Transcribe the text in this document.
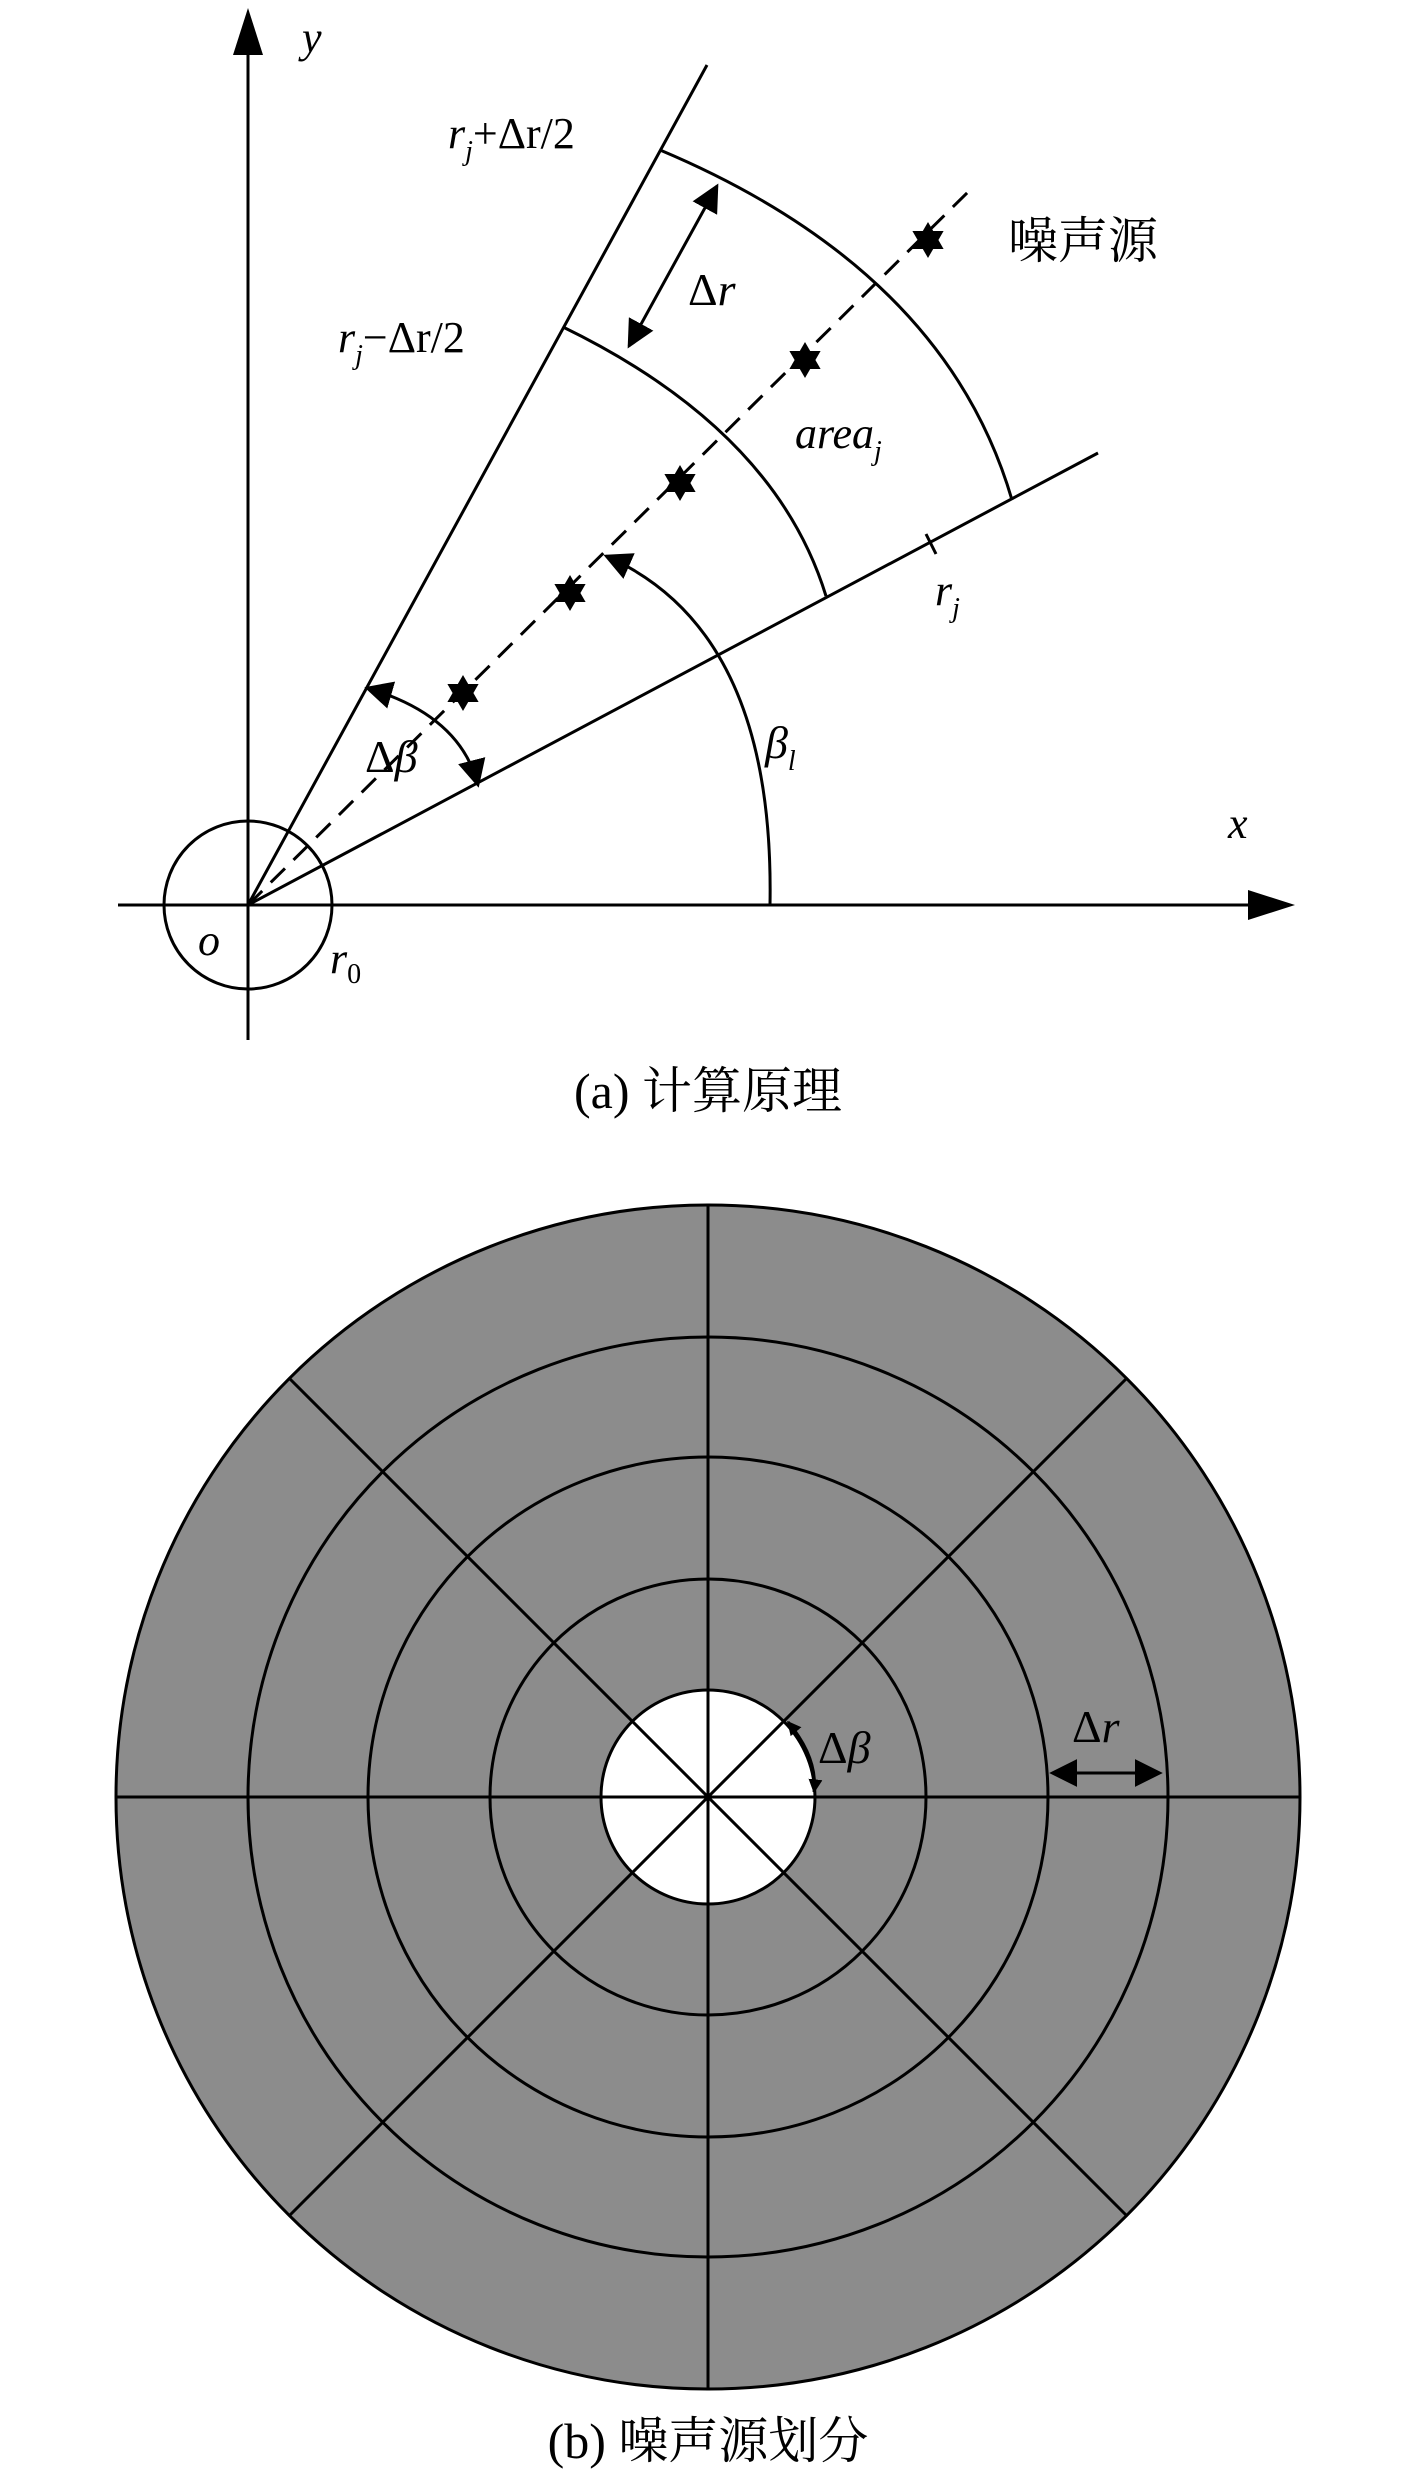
x
y
o	$r_0$
$r_j+\Delta r/2$
$r_j-\Delta r/2$
Δr
area$_j$
$r_j$
$\beta_l$
Δβ
噪声源
(a) 计算原理
Δβ	Δr
(b) 噪声源划分
